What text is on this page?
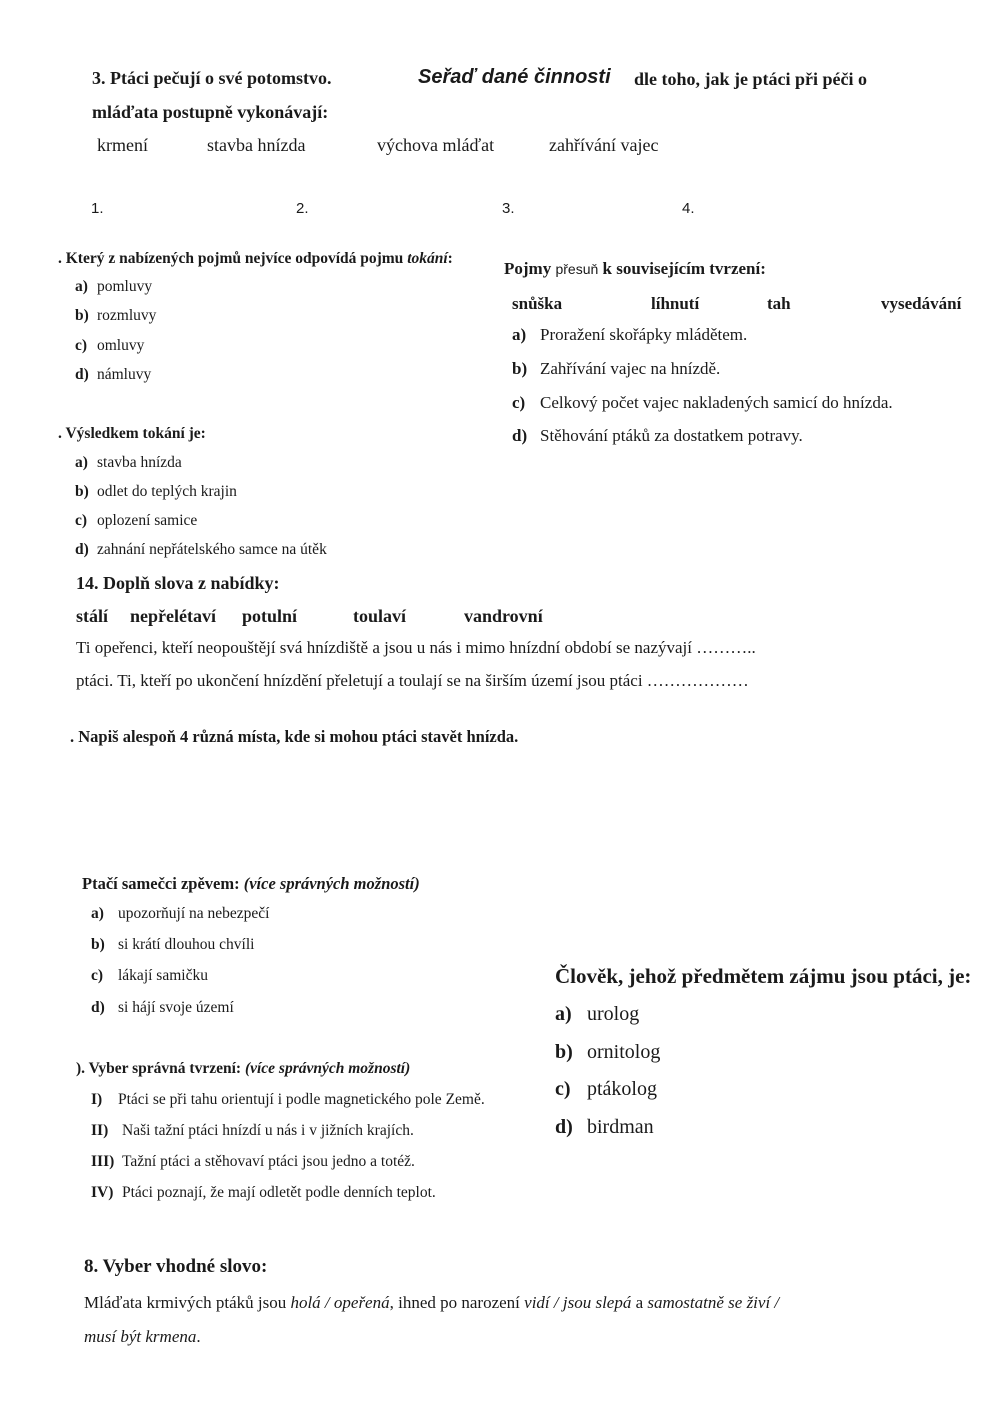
3. Ptáci pečují o své potomstvo.	Seřaď dané činnosti dle toho, jak je ptáci při péči o
mláďata postupně vykonávají:
krmení	stavba hnízda	výchova mláďat	zahřívání vajec
1.	2.	3.	4.
. Který z nabízených pojmů nejvíce odpovídá pojmu tokání:
a) pomluvy
b) rozmluvy
c) omluvy
d) námluvy
Pojmy přesuň k souvisejícím tvrzení:
snůška	líhnutí	tah	vysedávání
a) Proražení skořápky mládětem.
b) Zahřívání vajec na hnízdě.
c) Celkový počet vajec nakladených samicí do hnízda.
d) Stěhování ptáků za dostatkem potravy.
. Výsledkem tokání je:
a) stavba hnízda
b) odlet do teplých krajin
c) oplození samice
d) zahnání nepřátelského samce na útěk
14. Doplň slova z nabídky:
stálí nepřelétaví potulní	toulaví	vandrovní
Ti opeřenci, kteří neopouštějí svá hnízdiště a jsou u nás i mimo hnízdní období se nazývají ………..
ptáci. Ti, kteří po ukončení hnízdění přeletují a toulají se na širším území jsou ptáci ………………
. Napiš alespoň 4 různá místa, kde si mohou ptáci stavět hnízda.
Ptačí samečci zpěvem: (více správných možností)
a) upozorňují na nebezpečí
b) si krátí dlouhou chvíli
c) lákají samičku
d) si hájí svoje území
Člověk, jehož předmětem zájmu jsou ptáci, je:
a) urolog
b) ornitolog
c) ptákolog
d) birdman
). Vyber správná tvrzení: (více správných možností)
I) Ptáci se při tahu orientují i podle magnetického pole Země.
II) Naši tažní ptáci hnízdí u nás i v jižních krajích.
III) Tažní ptáci a stěhovaví ptáci jsou jedno a totéž.
IV) Ptáci poznají, že mají odletět podle denních teplot.
8. Vyber vhodné slovo:
Mláďata krmivých ptáků jsou holá / opeřená, ihned po narození vidí / jsou slepá a samostatně se živí /
musí být krmena.
